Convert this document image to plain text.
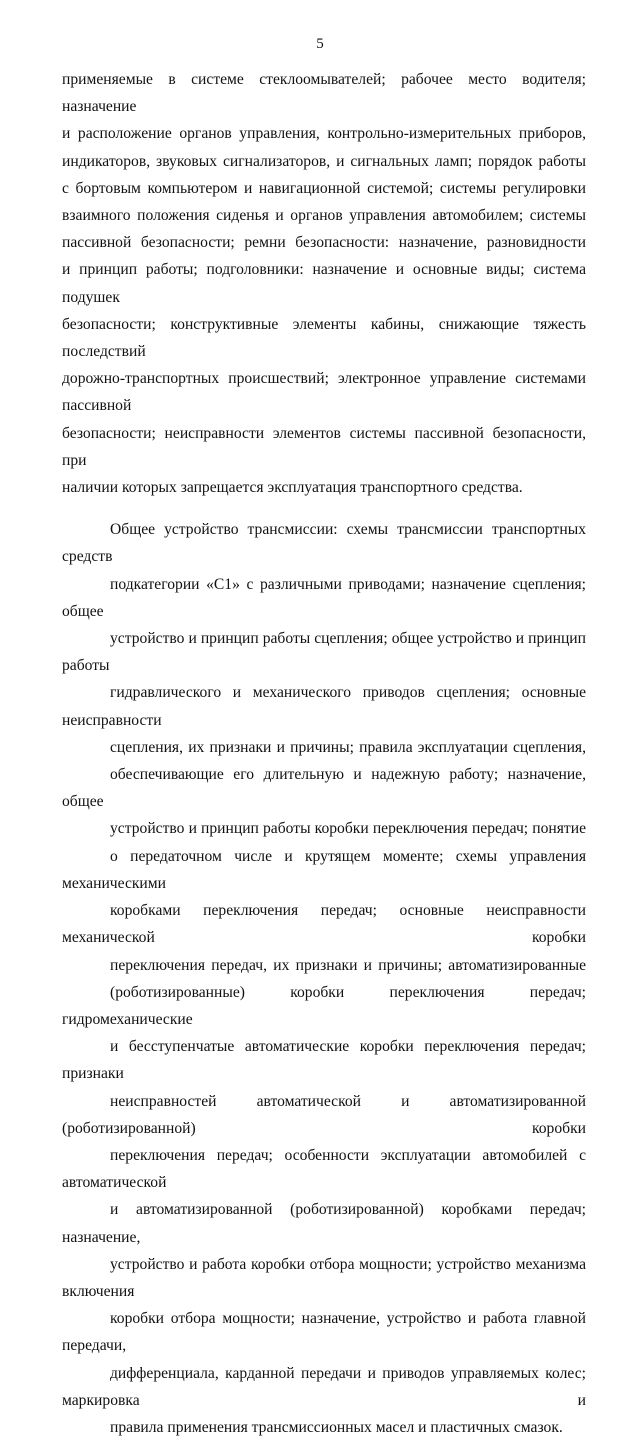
5

применяемые в системе стеклоомывателей; рабочее место водителя; назначение
и расположение органов управления, контрольно-измерительных приборов,
индикаторов, звуковых сигнализаторов, и сигнальных ламп; порядок работы
с бортовым компьютером и навигационной системой; системы регулировки
взаимного положения сиденья и органов управления автомобилем; системы
пассивной безопасности; ремни безопасности: назначение, разновидности
и принцип работы; подголовники: назначение и основные виды; система подушек
безопасности; конструктивные элементы кабины, снижающие тяжесть последствий
дорожно-транспортных происшествий; электронное управление системами пассивной
безопасности; неисправности элементов системы пассивной безопасности, при
наличии которых запрещается эксплуатация транспортного средства.

Общее устройство трансмиссии: схемы трансмиссии транспортных средств
подкатегории «C1» с различными приводами; назначение сцепления; общее
устройство и принцип работы сцепления; общее устройство и принцип работы
гидравлического и механического приводов сцепления; основные неисправности
сцепления, их признаки и причины; правила эксплуатации сцепления,
обеспечивающие его длительную и надежную работу; назначение, общее
устройство и принцип работы коробки переключения передач; понятие
о передаточном числе и крутящем моменте; схемы управления механическими
коробками переключения передач; основные неисправности механической коробки
переключения передач, их признаки и причины; автоматизированные
(роботизированные) коробки переключения передач; гидромеханические
и бесступенчатые автоматические коробки переключения передач; признаки
неисправностей автоматической и автоматизированной (роботизированной) коробки
переключения передач; особенности эксплуатации автомобилей с автоматической
и автоматизированной (роботизированной) коробками передач; назначение,
устройство и работа коробки отбора мощности; устройство механизма включения
коробки отбора мощности; назначение, устройство и работа главной передачи,
дифференциала, карданной передачи и приводов управляемых колес; маркировка и
правила применения трансмиссионных масел и пластичных смазок.
